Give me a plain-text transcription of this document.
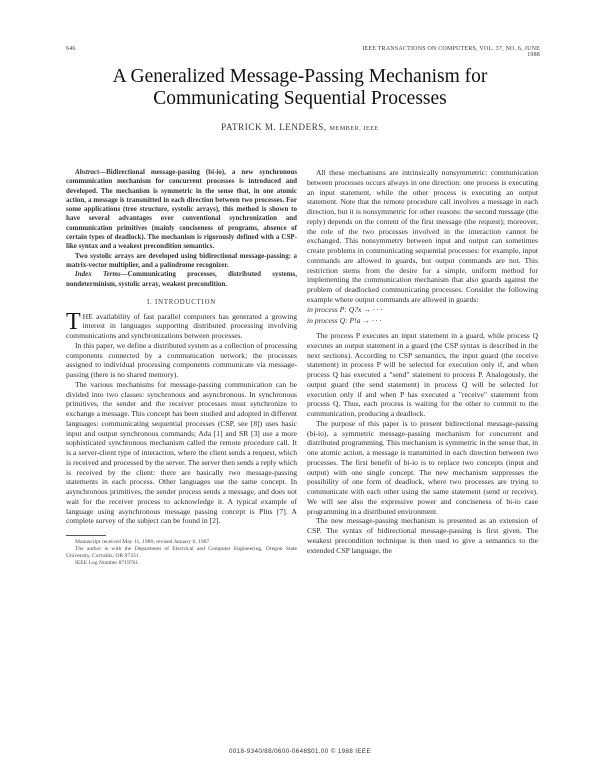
646	IEEE TRANSACTIONS ON COMPUTERS, VOL. 37, NO. 6, JUNE 1988
A Generalized Message-Passing Mechanism for Communicating Sequential Processes
PATRICK M. LENDERS, MEMBER, IEEE

Abstract—Bidirectional message-passing (bi-io), a new synchronous communication mechanism for concurrent processes is introduced and developed. The mechanism is symmetric in the sense that, in one atomic action, a message is transmitted in each direction between two processes. For some applications (tree structure, systolic arrays), this method is shown to have several advantages over conventional synchronization and communication primitives (mainly conciseness of programs, absence of certain types of deadlock). The mechanism is rigorously defined with a CSP-like syntax and a weakest precondition semantics.

Two systolic arrays are developed using bidirectional message-passing: a matrix-vector multiplier, and a palindrome recognizer.

Index Terms—Communicating processes, distributed systems, nondeterminism, systolic array, weakest precondition.

I. INTRODUCTION

THE availability of fast parallel computers has generated a growing interest in languages supporting distributed processing involving communications and synchronizations between processes.

In this paper, we define a distributed system as a collection of processing components connected by a communication network; the processes assigned to individual processing components communicate via message-passing (there is no shared memory).

The various mechanisms for message-passing communication can be divided into two classes: synchronous and asynchronous. In synchronous primitives, the sender and the receiver processes must synchronize to exchange a message. This concept has been studied and adopted in different languages: communicating sequential processes (CSP, see [8]) uses basic input and output synchronous commands; Ada [1] and SR [3] use a more sophisticated synchronous mechanism called the remote procedure call. It is a server-client type of interaction, where the client sends a request, which is received and processed by the server. The server then sends a reply which is received by the client: there are basically two message-passing statements in each process. Other languages use the same concept. In asynchronous primitives, the sender process sends a message, and does not wait for the receiver process to acknowledge it. A typical example of language using asynchronous message passing concept is Plits [7]. A complete survey of the subject can be found in [2].

Manuscript received May 11, 1986; revised January 6, 1987.

The author is with the Department of Electrical and Computer Engineering, Oregon State University, Corvallis, OR 97331.

IEEE Log Number 8719761.

All these mechanisms are intrinsically nonsymmetric: communication between processes occurs always in one direction: one process is executing an input statement, while the other process is executing an output statement. Note that the remote procedure call involves a message in each direction, but it is nonsymmetric for other reasons: the second message (the reply) depends on the content of the first message (the request); moreover, the role of the two processes involved in the interaction cannot be exchanged. This nonsymmetry between input and output can sometimes create problems in communicating sequential processes: for example, input commands are allowed in guards, but output commands are not. This restriction stems from the desire for a simple, uniform method for implementing the communication mechanism that also guards against the problem of deadlocked communicating processes. Consider the following example where output commands are allowed in guards:

in process P: Q?x → · · ·

in process Q: P!a → · · ·

The process P executes an input statement in a guard, while process Q executes an output statement in a guard (the CSP syntax is described in the next sections). According to CSP semantics, the input guard (the receive statement) in process P will be selected for execution only if, and when process Q has executed a "send" statement to process P. Analogously, the output guard (the send statement) in process Q will be selected for execution only if and when P has executed a "receive" statement from process Q. Thus, each process is waiting for the other to commit to the communication, producing a deadlock.

The purpose of this paper is to present bidirectional message-passing (bi-io), a symmetric message-passing mechanism for concurrent and distributed programming. This mechanism is symmetric in the sense that, in one atomic action, a message is transmitted in each direction between two processes. The first benefit of bi-io is to replace two concepts (input and output) with one single concept. The new mechanism suppresses the possibility of one form of deadlock, where two processes are trying to communicate with each other using the same statement (send or receive). We will see also the expressive power and conciseness of bi-io case programming in a distributed environment.

The new message-passing mechanism is presented as an extension of CSP. The syntax of bidirectional message-passing is first given. The weakest precondition technique is then used to give a semantics to the extended CSP language, the

0018-9340/88/0600-0646$01.00 © 1988 IEEE
